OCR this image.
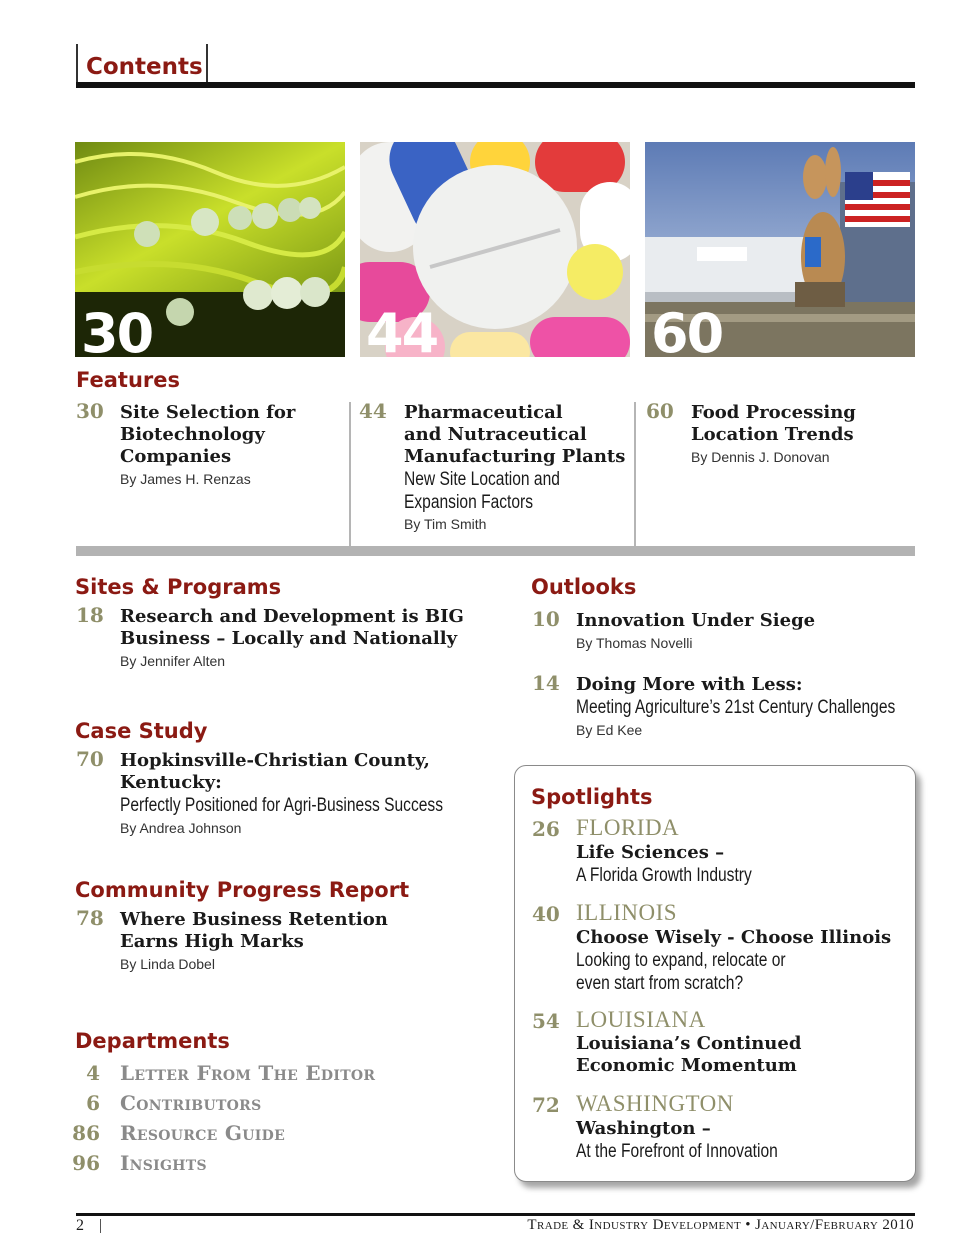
Contents
30	44	60
Features
30 Site Selection for
Biotechnology
Companies
By James H. Renzas
44 Pharmaceutical
and Nutraceutical
Manufacturing Plants
New Site Location and
Expansion Factors
By Tim Smith
60 Food Processing
Location Trends
By Dennis J. Donovan
Sites & Programs
18 Research and Development is BIG
Business – Locally and Nationally
By Jennifer Alten
Case Study
70 Hopkinsville-Christian County,
Kentucky:
Perfectly Positioned for Agri-Business Success
By Andrea Johnson
Community Progress Report
78 Where Business Retention
Earns High Marks
By Linda Dobel
Departments
4 Letter From The Editor
6 Contributors
86 Resource Guide
96 Insights
Outlooks
10 Innovation Under Siege
By Thomas Novelli
14 Doing More with Less:
Meeting Agriculture’s 21st Century Challenges
By Ed Kee
Spotlights
26 FLORIDA
Life Sciences –
A Florida Growth Industry
40 ILLINOIS
Choose Wisely - Choose Illinois
Looking to expand, relocate or
even start from scratch?
54 LOUISIANA
Louisiana’s Continued
Economic Momentum
72 WASHINGTON
Washington –
At the Forefront of Innovation
2	Trade & Industry Development • January/February 2010
